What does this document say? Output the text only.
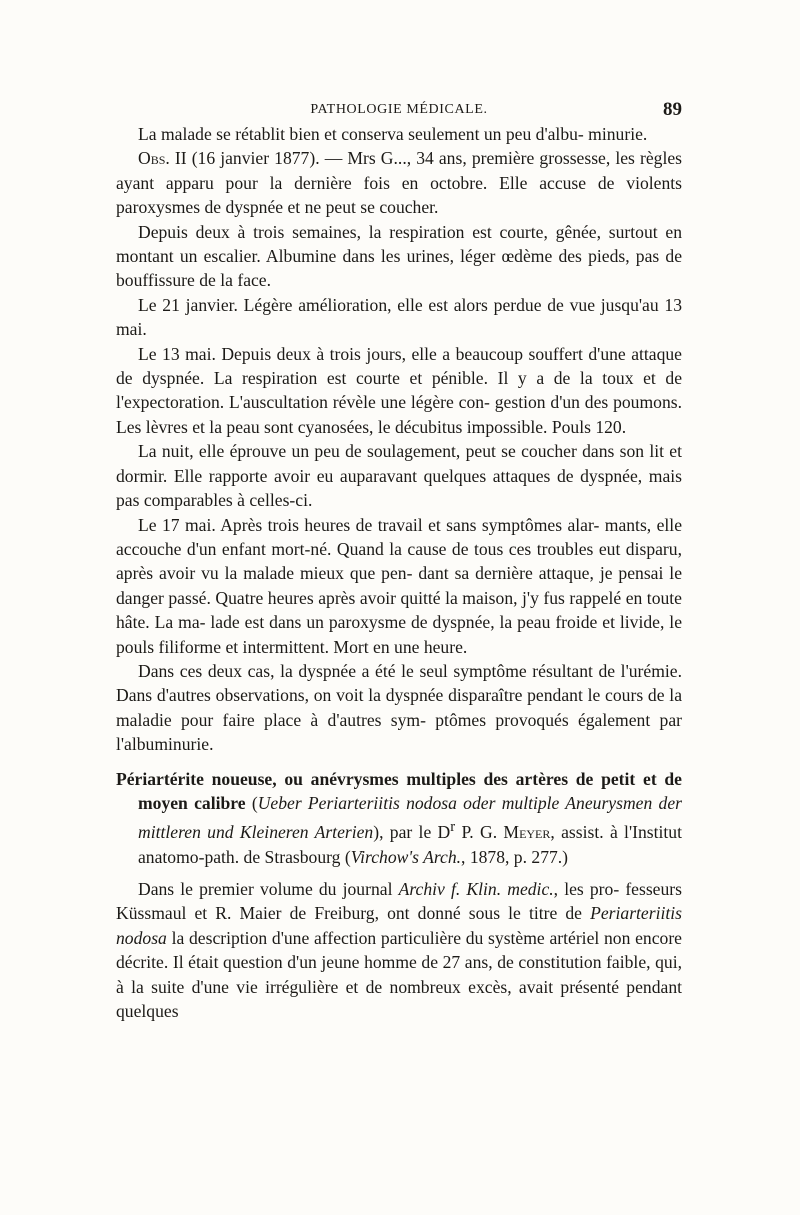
PATHOLOGIE MÉDICALE.	89

La malade se rétablit bien et conserva seulement un peu d'albu- minurie.

Obs. II (16 janvier 1877). — Mrs G..., 34 ans, première grossesse, les règles ayant apparu pour la dernière fois en octobre. Elle accuse de violents paroxysmes de dyspnée et ne peut se coucher.

Depuis deux à trois semaines, la respiration est courte, gênée, surtout en montant un escalier. Albumine dans les urines, léger œdème des pieds, pas de bouffissure de la face.

Le 21 janvier. Légère amélioration, elle est alors perdue de vue jusqu'au 13 mai.

Le 13 mai. Depuis deux à trois jours, elle a beaucoup souffert d'une attaque de dyspnée. La respiration est courte et pénible. Il y a de la toux et de l'expectoration. L'auscultation révèle une légère con- gestion d'un des poumons. Les lèvres et la peau sont cyanosées, le décubitus impossible. Pouls 120.

La nuit, elle éprouve un peu de soulagement, peut se coucher dans son lit et dormir. Elle rapporte avoir eu auparavant quelques attaques de dyspnée, mais pas comparables à celles-ci.

Le 17 mai. Après trois heures de travail et sans symptômes alar- mants, elle accouche d'un enfant mort-né. Quand la cause de tous ces troubles eut disparu, après avoir vu la malade mieux que pen- dant sa dernière attaque, je pensai le danger passé. Quatre heures après avoir quitté la maison, j'y fus rappelé en toute hâte. La ma- lade est dans un paroxysme de dyspnée, la peau froide et livide, le pouls filiforme et intermittent. Mort en une heure.

Dans ces deux cas, la dyspnée a été le seul symptôme résultant de l'urémie. Dans d'autres observations, on voit la dyspnée disparaître pendant le cours de la maladie pour faire place à d'autres sym- ptômes provoqués également par l'albuminurie.

Périartérite noueuse, ou anévrysmes multiples des artères de petit et de moyen calibre (Ueber Periarteriitis nodosa oder multiple Aneurysmen der mittleren und Kleineren Arterien), par le $D^r$ P. G. Meyer, assist. à l'Institut anatomo-path. de Strasbourg (Virchow's Arch., 1878, p. 277.)

Dans le premier volume du journal Archiv f. Klin. medic., les pro- fesseurs Küssmaul et R. Maier de Freiburg, ont donné sous le titre de Periarteriitis nodosa la description d'une affection particulière du système artériel non encore décrite. Il était question d'un jeune homme de 27 ans, de constitution faible, qui, à la suite d'une vie irrégulière et de nombreux excès, avait présenté pendant quelques
